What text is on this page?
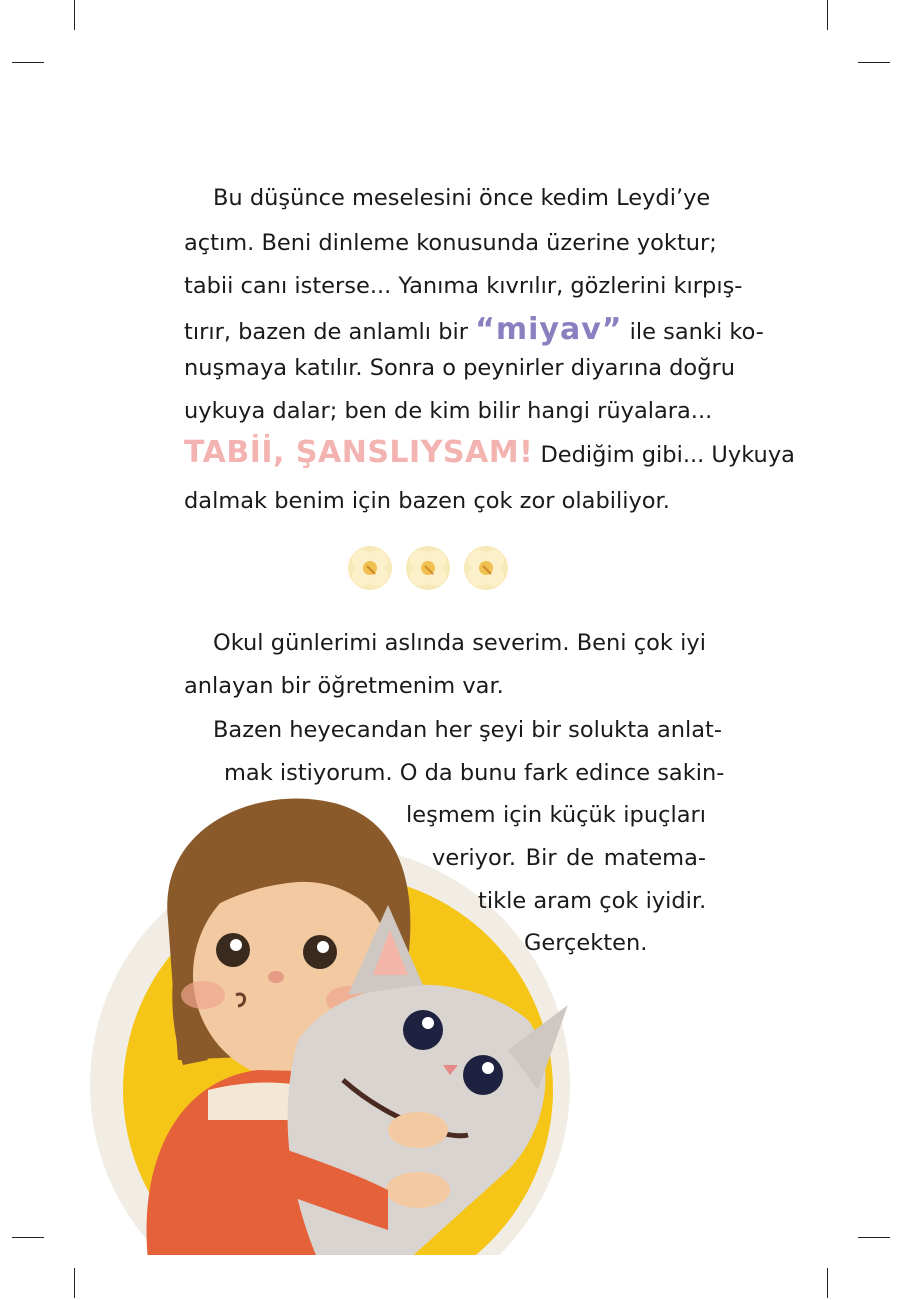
Bu düşünce meselesini önce kedim Leydi’ye
açtım. Beni dinleme konusunda üzerine yoktur;
tabii canı isterse... Yanıma kıvrılır, gözlerini kırpış-
tırır, bazen de anlamlı bir “miyav” ile sanki ko-
nuşmaya katılır. Sonra o peynirler diyarına doğru
uykuya dalar; ben de kim bilir hangi rüyalara...
TABİİ, ŞANSLIYSAM! Dediğim gibi... Uykuya
dalmak benim için bazen çok zor olabiliyor.
Okul günlerimi aslında severim. Beni çok iyi
anlayan bir öğretmenim var.
Bazen heyecandan her şeyi bir solukta anlat-
mak istiyorum. O da bunu fark edince sakin-
leşmem için küçük ipuçları
veriyor. Bir de matema-
tikle aram çok iyidir.
Gerçekten.
